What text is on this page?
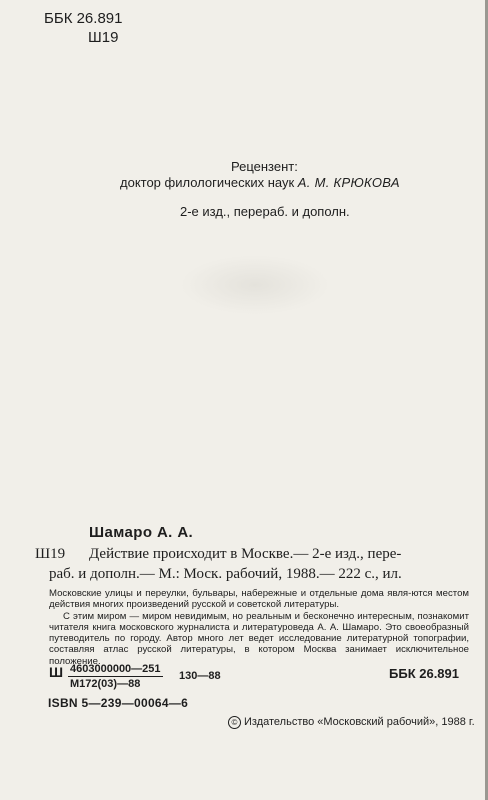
ББК 26.891
Ш19
Рецензент:
доктор филологических наук А. М. КРЮКОВА
2-е изд., перераб. и дополн.
Шамаро А. А.
Ш19 Действие происходит в Москве.— 2-е изд., пере-
раб. и дополн.— М.: Моск. рабочий, 1988.— 222 с., ил.

Московские улицы и переулки, бульвары, набережные и отдельные дома явля-ются местом действия многих произведений русской и советской литературы.

С этим миром — миром невидимым, но реальным и бесконечно интересным, познакомит читателя книга московского журналиста и литературоведа А. А. Шамаро. Это своеобразный путеводитель по городу. Автор много лет ведет исследование литературной топографии, составляя атлас русской литературы, в котором Москва занимает исключительное положение.

Ш 4603000000—251
М172(03)—88
130—88	ББК 26.891
ISBN 5—239—00064—6
© Издательство «Московский рабочий», 1988 г.
